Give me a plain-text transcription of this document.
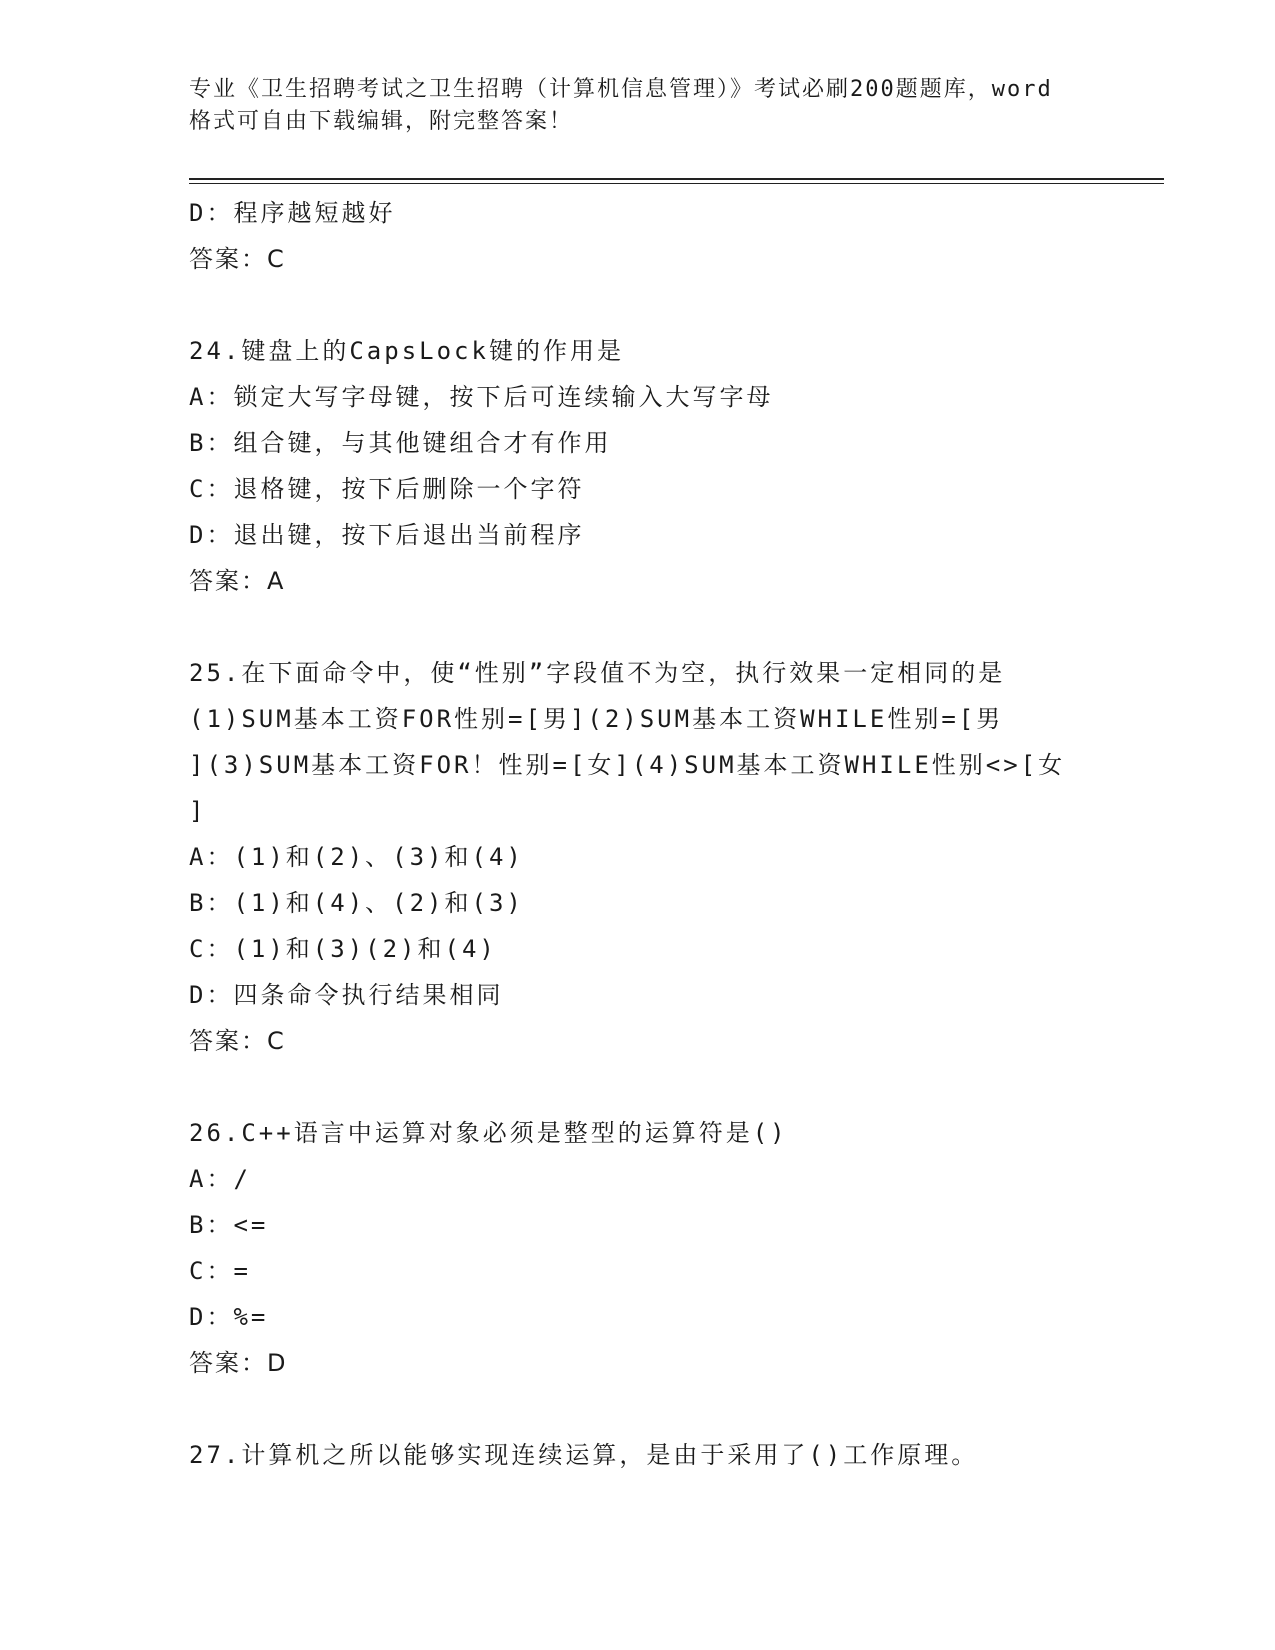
专业《卫生招聘考试之卫生招聘（计算机信息管理）》考试必刷200题题库，word
格式可自由下载编辑，附完整答案！
D：程序越短越好
答案：C
24.键盘上的CapsLock键的作用是
A：锁定大写字母键，按下后可连续输入大写字母
B：组合键，与其他键组合才有作用
C：退格键，按下后删除一个字符
D：退出键，按下后退出当前程序
答案：A
25.在下面命令中，使“性别”字段值不为空，执行效果一定相同的是
(1)SUM基本工资FOR性别=[男](2)SUM基本工资WHILE性别=[男
](3)SUM基本工资FOR！性别=[女](4)SUM基本工资WHILE性别<>[女
]
A：(1)和(2)、(3)和(4)
B：(1)和(4)、(2)和(3)
C：(1)和(3)(2)和(4)
D：四条命令执行结果相同
答案：C
26.C++语言中运算对象必须是整型的运算符是()
A：/
B：<=
C：=
D：%=
答案：D
27.计算机之所以能够实现连续运算，是由于采用了()工作原理。
